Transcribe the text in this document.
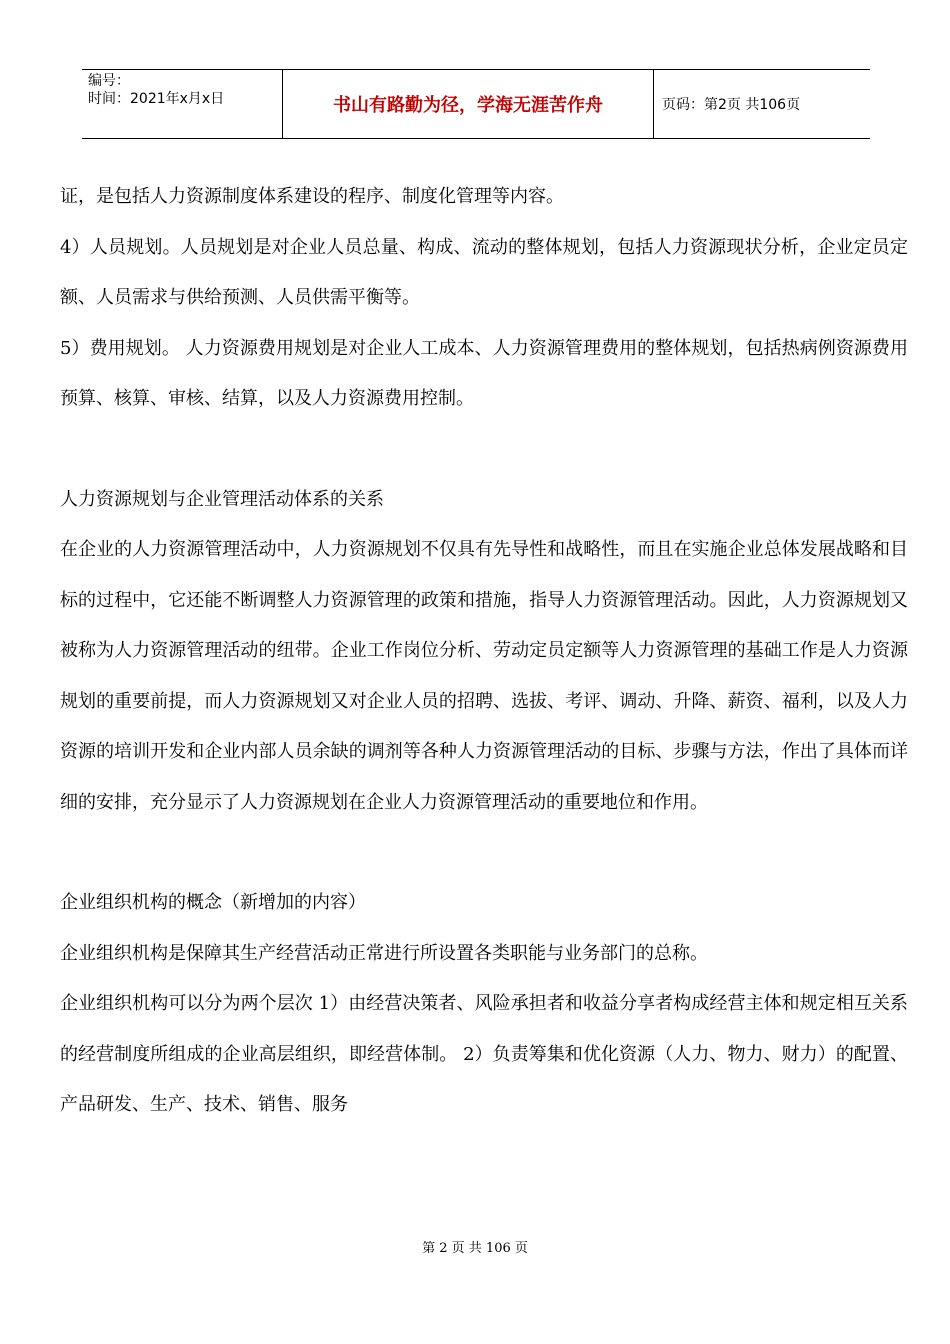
编号：
时间：2021年x月x日	书山有路勤为径，学海无涯苦作舟	页码：第2页 共106页

证，是包括人力资源制度体系建设的程序、制度化管理等内容。

4）人员规划。人员规划是对企业人员总量、构成、流动的整体规划，包括人力资源现状分析，企业定员定额、人员需求与供给预测、人员供需平衡等。

5）费用规划。 人力资源费用规划是对企业人工成本、人力资源管理费用的整体规划，包括热病例资源费用预算、核算、审核、结算，以及人力资源费用控制。

人力资源规划与企业管理活动体系的关系

在企业的人力资源管理活动中，人力资源规划不仅具有先导性和战略性，而且在实施企业总体发展战略和目标的过程中，它还能不断调整人力资源管理的政策和措施，指导人力资源管理活动。因此，人力资源规划又被称为人力资源管理活动的纽带。企业工作岗位分析、劳动定员定额等人力资源管理的基础工作是人力资源规划的重要前提，而人力资源规划又对企业人员的招聘、选拔、考评、调动、升降、薪资、福利，以及人力资源的培训开发和企业内部人员余缺的调剂等各种人力资源管理活动的目标、步骤与方法，作出了具体而详细的安排，充分显示了人力资源规划在企业人力资源管理活动的重要地位和作用。

企业组织机构的概念（新增加的内容）

企业组织机构是保障其生产经营活动正常进行所设置各类职能与业务部门的总称。

企业组织机构可以分为两个层次 1）由经营决策者、风险承担者和收益分享者构成经营主体和规定相互关系的经营制度所组成的企业高层组织，即经营体制。 2）负责筹集和优化资源（人力、物力、财力）的配置、产品研发、生产、技术、销售、服务

第 2 页 共 106 页
